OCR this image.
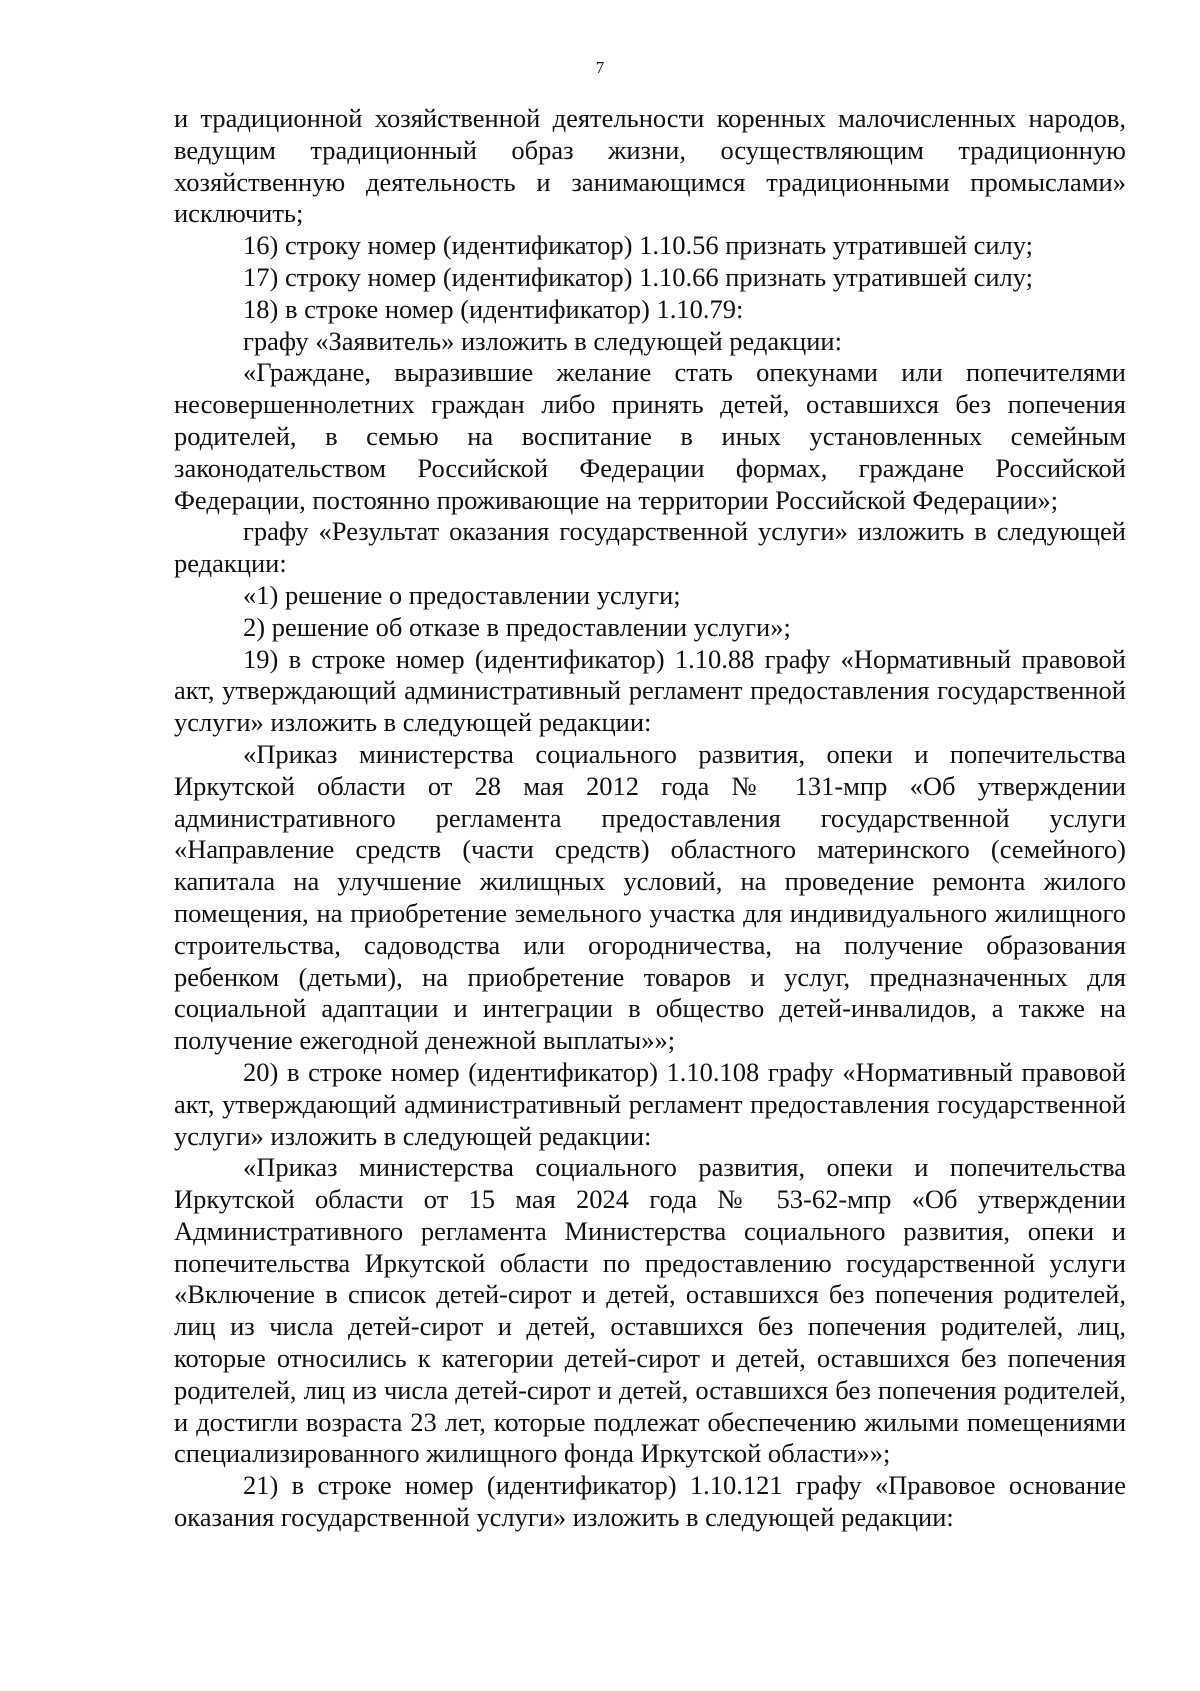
7

и традиционной хозяйственной деятельности коренных малочисленных народов, ведущим традиционный образ жизни, осуществляющим традиционную хозяйственную деятельность и занимающимся традиционными промыслами» исключить;

16) строку номер (идентификатор) 1.10.56 признать утратившей силу;

17) строку номер (идентификатор) 1.10.66 признать утратившей силу;

18) в строке номер (идентификатор) 1.10.79:

графу «Заявитель» изложить в следующей редакции:

«Граждане, выразившие желание стать опекунами или попечителями несовершеннолетних граждан либо принять детей, оставшихся без попечения родителей, в семью на воспитание в иных установленных семейным законодательством Российской Федерации формах, граждане Российской Федерации, постоянно проживающие на территории Российской Федерации»;

графу «Результат оказания государственной услуги» изложить в следующей редакции:

«1) решение о предоставлении услуги;

2) решение об отказе в предоставлении услуги»;

19) в строке номер (идентификатор) 1.10.88 графу «Нормативный правовой акт, утверждающий административный регламент предоставления государственной услуги» изложить в следующей редакции:

«Приказ министерства социального развития, опеки и попечительства Иркутской области от 28 мая 2012 года № 131-мпр «Об утверждении административного регламента предоставления государственной услуги «Направление средств (части средств) областного материнского (семейного) капитала на улучшение жилищных условий, на проведение ремонта жилого помещения, на приобретение земельного участка для индивидуального жилищного строительства, садоводства или огородничества, на получение образования ребенком (детьми), на приобретение товаров и услуг, предназначенных для социальной адаптации и интеграции в общество детей-инвалидов, а также на получение ежегодной денежной выплаты»»;

20) в строке номер (идентификатор) 1.10.108 графу «Нормативный правовой акт, утверждающий административный регламент предоставления государственной услуги» изложить в следующей редакции:

«Приказ министерства социального развития, опеки и попечительства Иркутской области от 15 мая 2024 года № 53-62-мпр «Об утверждении Административного регламента Министерства социального развития, опеки и попечительства Иркутской области по предоставлению государственной услуги «Включение в список детей-сирот и детей, оставшихся без попечения родителей, лиц из числа детей-сирот и детей, оставшихся без попечения родителей, лиц, которые относились к категории детей-сирот и детей, оставшихся без попечения родителей, лиц из числа детей-сирот и детей, оставшихся без попечения родителей, и достигли возраста 23 лет, которые подлежат обеспечению жилыми помещениями специализированного жилищного фонда Иркутской области»»;

21) в строке номер (идентификатор) 1.10.121 графу «Правовое основание оказания государственной услуги» изложить в следующей редакции:
